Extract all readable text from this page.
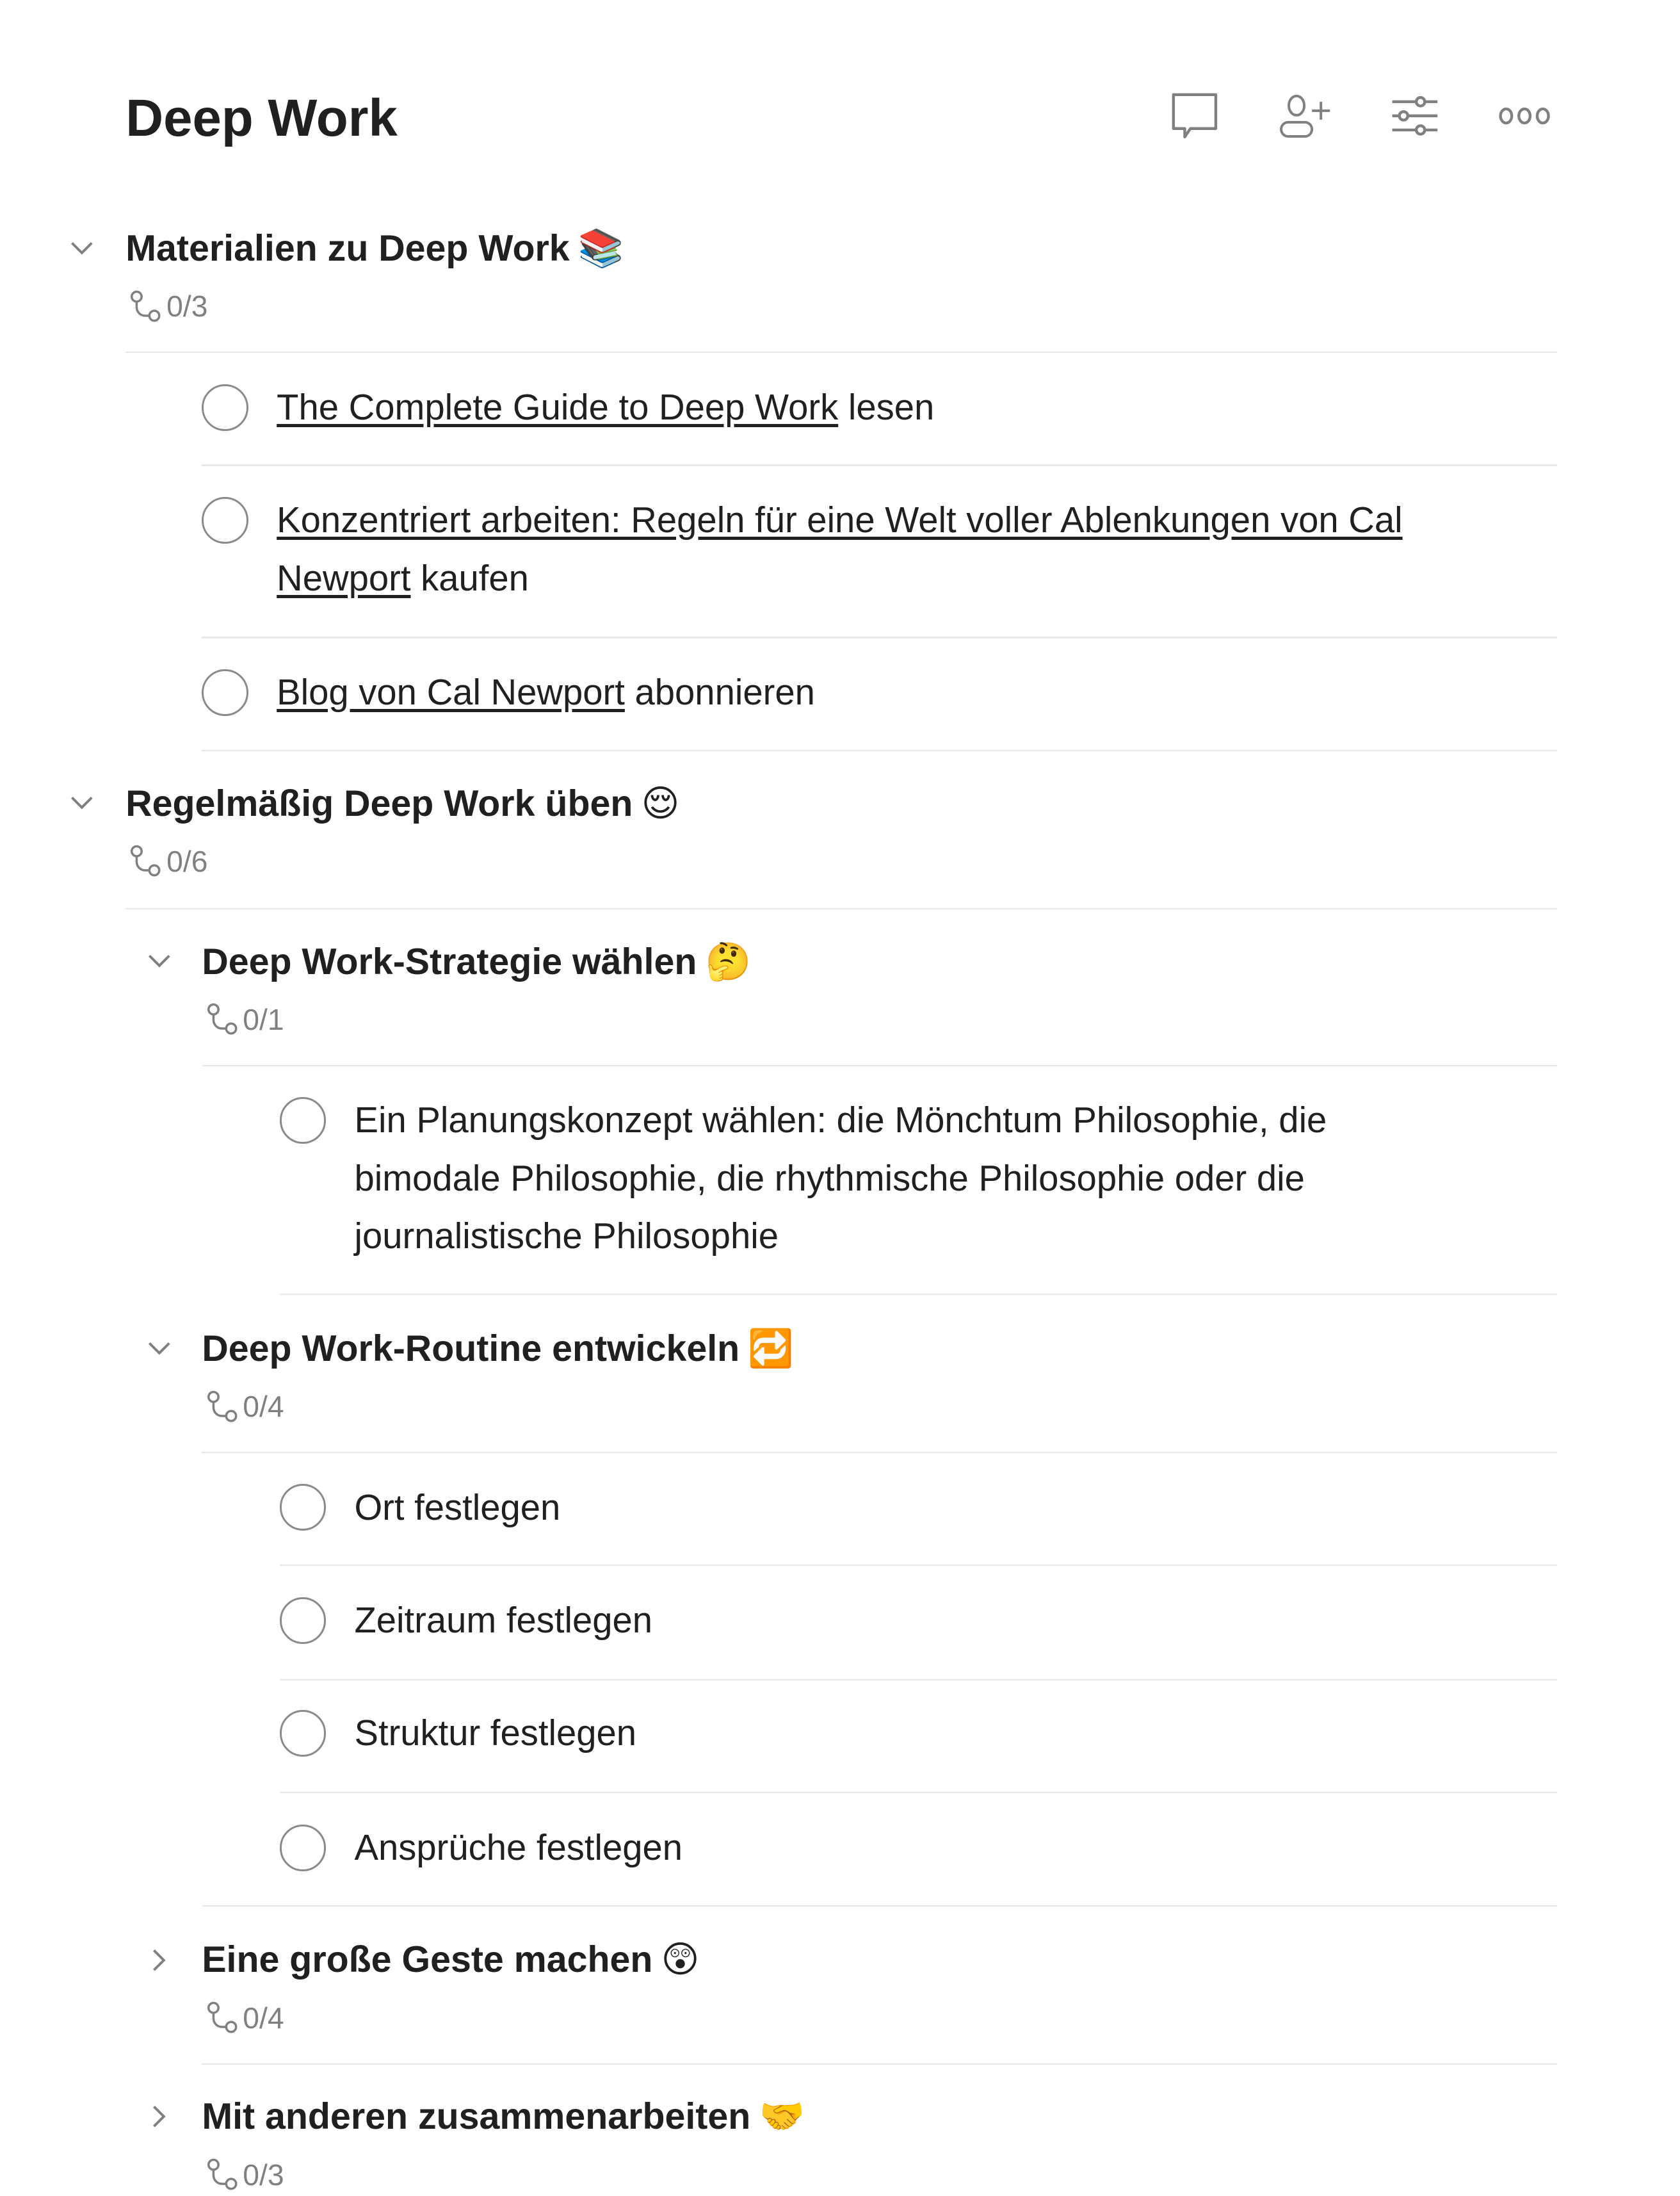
Deep Work
Materialien zu Deep Work 📚
0/3
The Complete Guide to Deep Work lesen
Konzentriert arbeiten: Regeln für eine Welt voller Ablenkungen von Cal Newport kaufen
Blog von Cal Newport abonnieren
Regelmäßig Deep Work üben 😌
0/6
Deep Work-Strategie wählen 🤔
0/1
Ein Planungskonzept wählen: die Mönchtum Philosophie, die bimodale Philosophie, die rhythmische Philosophie oder die journalistische Philosophie
Deep Work-Routine entwickeln 🔁
0/4
Ort festlegen
Zeitraum festlegen
Struktur festlegen
Ansprüche festlegen
Eine große Geste machen 😲
0/4
Mit anderen zusammenarbeiten 🤝
0/3
